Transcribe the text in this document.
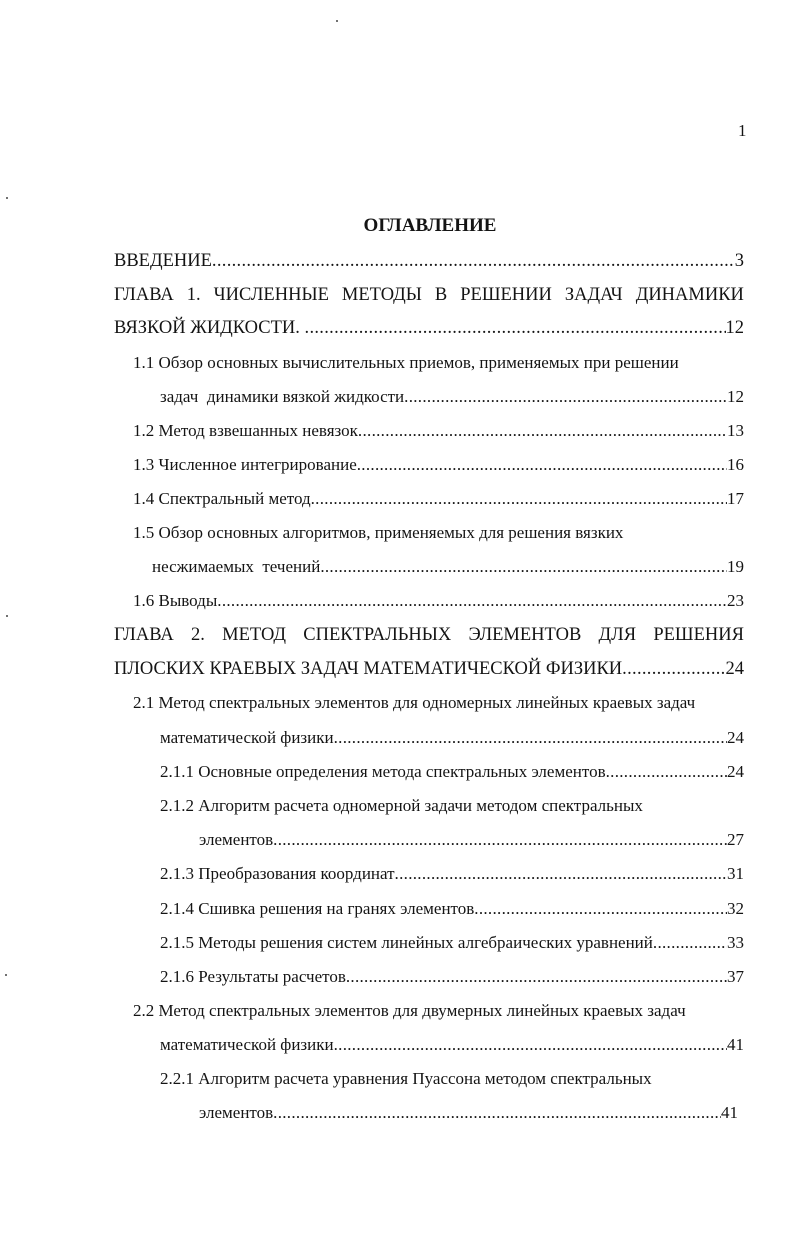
1
ОГЛАВЛЕНИЕ
ВВЕДЕНИЕ .....	3
ГЛАВА 1. ЧИСЛЕННЫЕ МЕТОДЫ В РЕШЕНИИ ЗАДАЧ ДИНАМИКИ
ВЯЗКОЙ ЖИДКОСТИ. .....	12
1.1 Обзор основных вычислительных приемов, применяемых при решении
задач  динамики вязкой жидкости .....	12
1.2 Метод взвешанных невязок .....	13
1.3 Численное интегрирование .....	16
1.4 Спектральный метод .....	17
1.5 Обзор основных алгоритмов, применяемых для решения вязких
несжимаемых  течений .....	19
1.6 Выводы .....	23
ГЛАВА 2. МЕТОД СПЕКТРАЛЬНЫХ ЭЛЕМЕНТОВ ДЛЯ РЕШЕНИЯ
ПЛОСКИХ КРАЕВЫХ ЗАДАЧ МАТЕМАТИЧЕСКОЙ ФИЗИКИ .....	24
2.1 Метод спектральных элементов для одномерных линейных краевых задач
математической физики .....	24
2.1.1 Основные определения метода спектральных элементов .....	24
2.1.2 Алгоритм расчета одномерной задачи методом спектральных
элементов .....	27
2.1.3 Преобразования координат .....	31
2.1.4 Сшивка решения на гранях элементов .....	32
2.1.5 Методы решения систем линейных алгебраических уравнений .....	33
2.1.6 Результаты расчетов .....	37
2.2 Метод спектральных элементов для двумерных линейных краевых задач
математической физики .....	41
2.2.1 Алгоритм расчета уравнения Пуассона методом спектральных
элементов .....	41
